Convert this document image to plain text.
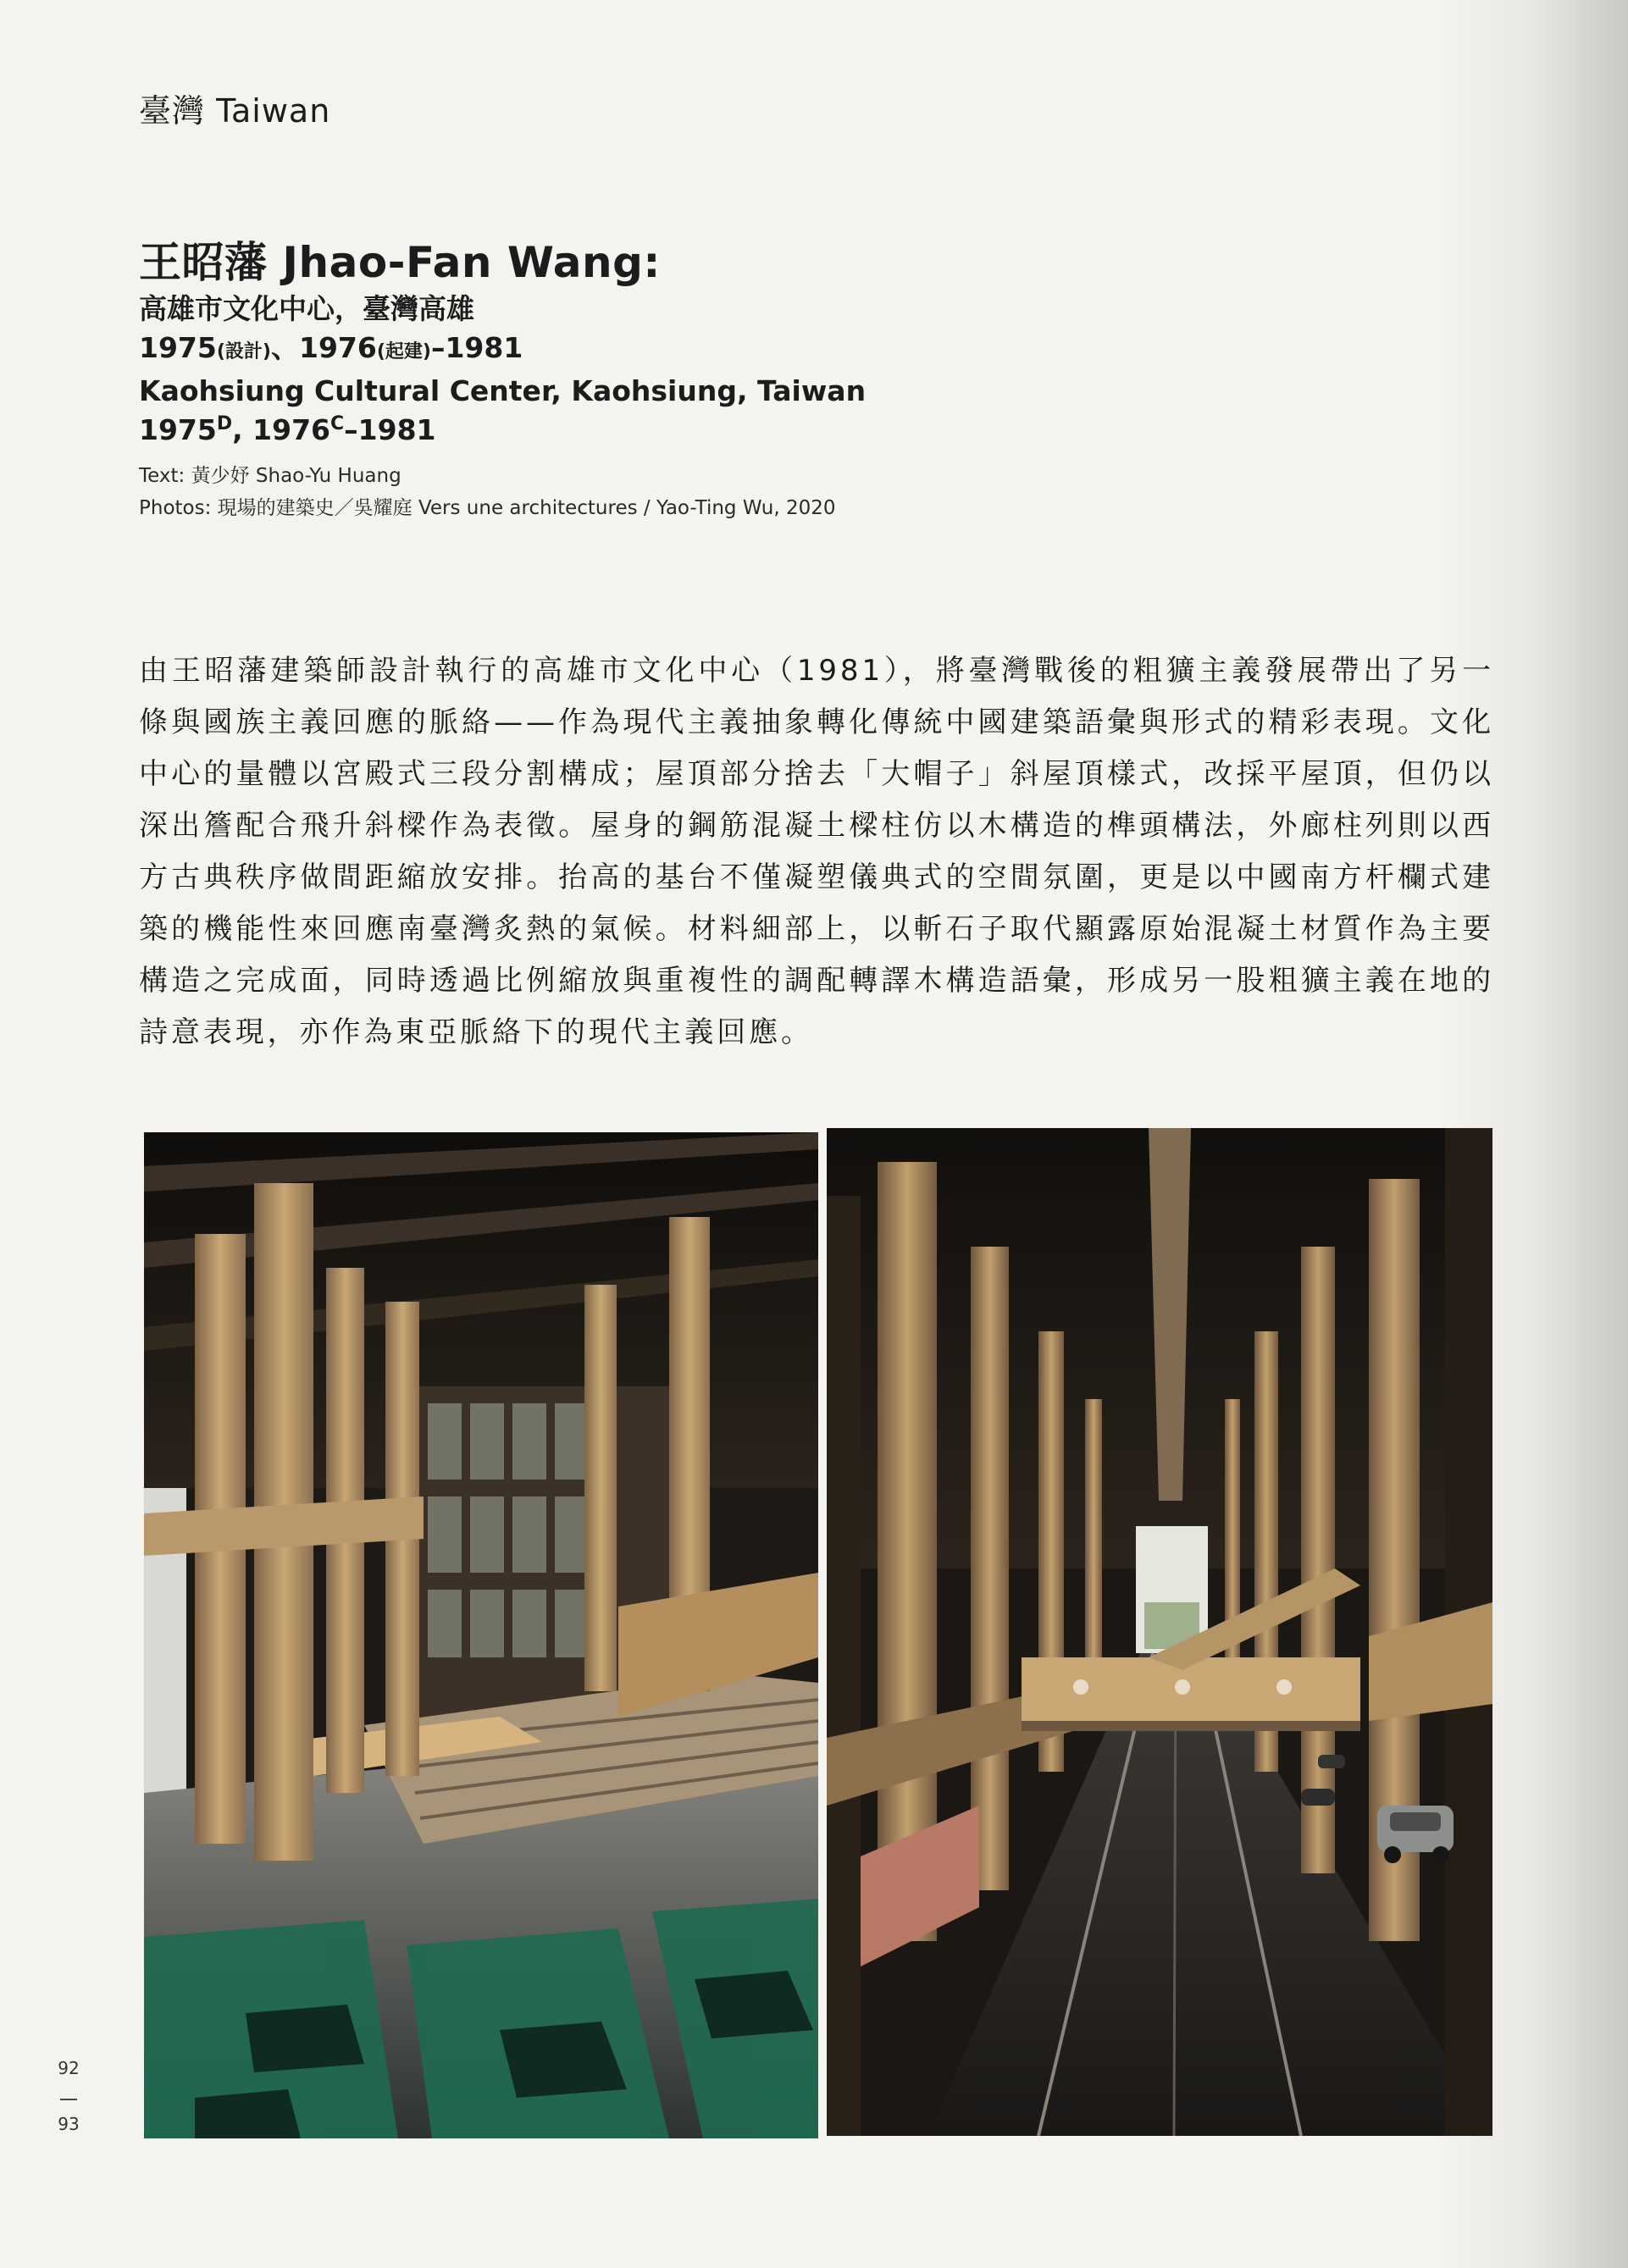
臺灣 Taiwan
王昭藩 Jhao-Fan Wang:
高雄市文化中心，臺灣高雄
1975(設計)、1976(起建)–1981
Kaohsiung Cultural Center, Kaohsiung, Taiwan
$1975^D$, $1976^C-1981$
Text: 黃少妤 Shao-Yu Huang
Photos: 現場的建築史／吳耀庭 Vers une architectures / Yao-Ting Wu, 2020
由王昭藩建築師設計執行的高雄市文化中心（1981），將臺灣戰後的粗獷主義發展帶出了另一條與國族主義回應的脈絡——作為現代主義抽象轉化傳統中國建築語彙與形式的精彩表現。文化中心的量體以宮殿式三段分割構成；屋頂部分捨去「大帽子」斜屋頂樣式，改採平屋頂，但仍以深出簷配合飛升斜樑作為表徵。屋身的鋼筋混凝土樑柱仿以木構造的榫頭構法，外廊柱列則以西方古典秩序做間距縮放安排。抬高的基台不僅凝塑儀典式的空間氛圍，更是以中國南方杆欄式建築的機能性來回應南臺灣炙熱的氣候。材料細部上，以斬石子取代顯露原始混凝土材質作為主要構造之完成面，同時透過比例縮放與重複性的調配轉譯木構造語彙，形成另一股粗獷主義在地的詩意表現，亦作為東亞脈絡下的現代主義回應。
92
93
